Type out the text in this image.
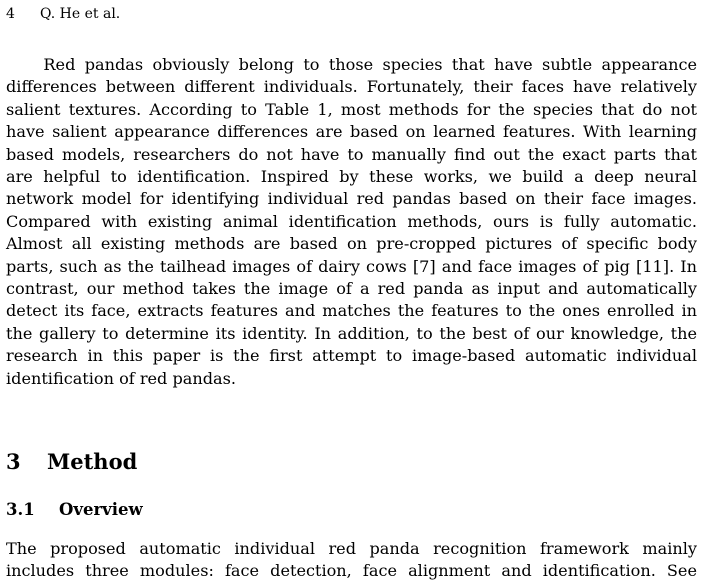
4 Q. He et al.
Red pandas obviously belong to those species that have subtle appearance
differences between different individuals. Fortunately, their faces have relatively
salient textures. According to Table 1, most methods for the species that do not
have salient appearance differences are based on learned features. With learning
based models, researchers do not have to manually find out the exact parts that
are helpful to identification. Inspired by these works, we build a deep neural
network model for identifying individual red pandas based on their face images.
Compared with existing animal identification methods, ours is fully automatic.
Almost all existing methods are based on pre-cropped pictures of specific body
parts, such as the tailhead images of dairy cows [7] and face images of pig [11]. In
contrast, our method takes the image of a red panda as input and automatically
detect its face, extracts features and matches the features to the ones enrolled in
the gallery to determine its identity. In addition, to the best of our knowledge, the
research in this paper is the first attempt to image-based automatic individual
identification of red pandas.
3 Method
3.1 Overview
The proposed automatic individual red panda recognition framework mainly
includes three modules: face detection, face alignment and identification. See
